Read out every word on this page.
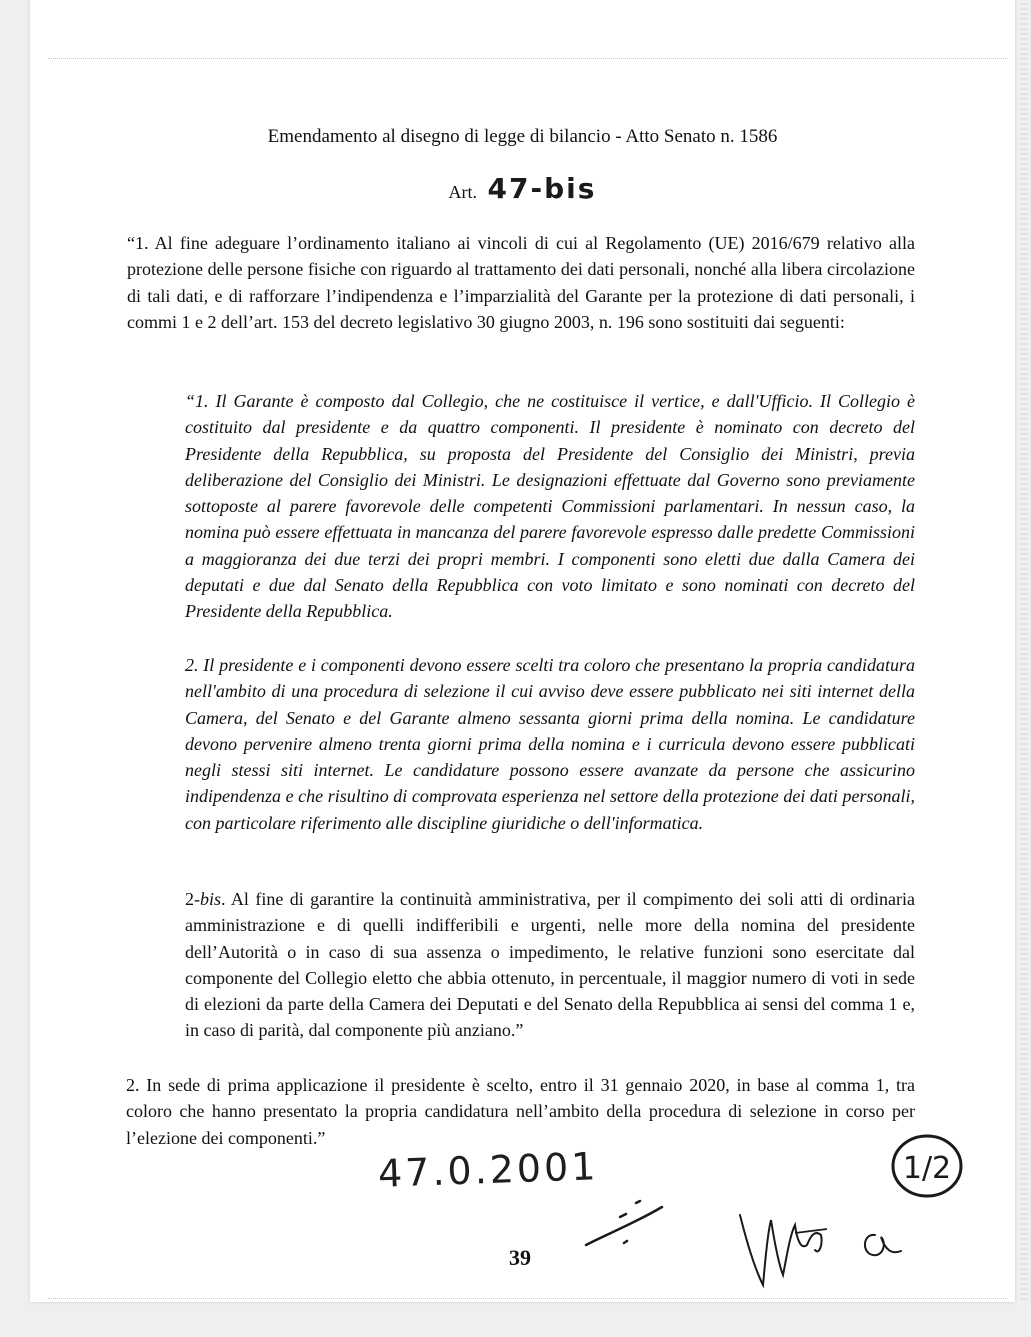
Emendamento al disegno di legge di bilancio - Atto Senato n. 1586
Art. 47-bis
“1. Al fine adeguare l’ordinamento italiano ai vincoli di cui al Regolamento (UE) 2016/679 relativo alla protezione delle persone fisiche con riguardo al trattamento dei dati personali, nonché alla libera circolazione di tali dati, e di rafforzare l’indipendenza e l’imparzialità del Garante per la protezione di dati personali, i commi 1 e 2 dell’art. 153 del decreto legislativo 30 giugno 2003, n. 196 sono sostituiti dai seguenti:
“1. Il Garante è composto dal Collegio, che ne costituisce il vertice, e dall'Ufficio. Il Collegio è costituito dal presidente e da quattro componenti. Il presidente è nominato con decreto del Presidente della Repubblica, su proposta del Presidente del Consiglio dei Ministri, previa deliberazione del Consiglio dei Ministri. Le designazioni effettuate dal Governo sono previamente sottoposte al parere favorevole delle competenti Commissioni parlamentari. In nessun caso, la nomina può essere effettuata in mancanza del parere favorevole espresso dalle predette Commissioni a maggioranza dei due terzi dei propri membri. I componenti sono eletti due dalla Camera dei deputati e due dal Senato della Repubblica con voto limitato e sono nominati con decreto del Presidente della Repubblica.
2. Il presidente e i componenti devono essere scelti tra coloro che presentano la propria candidatura nell'ambito di una procedura di selezione il cui avviso deve essere pubblicato nei siti internet della Camera, del Senato e del Garante almeno sessanta giorni prima della nomina. Le candidature devono pervenire almeno trenta giorni prima della nomina e i curricula devono essere pubblicati negli stessi siti internet. Le candidature possono essere avanzate da persone che assicurino indipendenza e che risultino di comprovata esperienza nel settore della protezione dei dati personali, con particolare riferimento alle discipline giuridiche o dell'informatica.
2-bis. Al fine di garantire la continuità amministrativa, per il compimento dei soli atti di ordinaria amministrazione e di quelli indifferibili e urgenti, nelle more della nomina del presidente dell’Autorità o in caso di sua assenza o impedimento, le relative funzioni sono esercitate dal componente del Collegio eletto che abbia ottenuto, in percentuale, il maggior numero di voti in sede di elezioni da parte della Camera dei Deputati e del Senato della Repubblica ai sensi del comma 1 e, in caso di parità, dal componente più anziano.”
2. In sede di prima applicazione il presidente è scelto, entro il 31 gennaio 2020, in base al comma 1, tra coloro che hanno presentato la propria candidatura nell’ambito della procedura di selezione in corso per l’elezione dei componenti.”
47.0.2001	1/2
39
